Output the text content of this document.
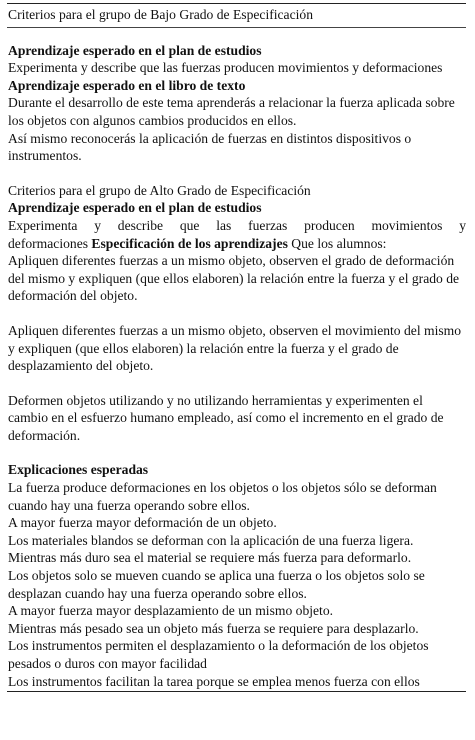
Criterios para el grupo de Bajo Grado de Especificación
Aprendizaje esperado en el plan de estudios
Experimenta y describe que las fuerzas producen movimientos y deformaciones
Aprendizaje esperado en el libro de texto
Durante el desarrollo de este tema aprenderás a relacionar la fuerza aplicada sobre los objetos con algunos cambios producidos en ellos.
Así mismo reconocerás la aplicación de fuerzas en distintos dispositivos o instrumentos.
Criterios para el grupo de Alto Grado de Especificación
Aprendizaje esperado en el plan de estudios
Experimenta y describe que las fuerzas producen movimientos y
deformaciones Especificación de los aprendizajes Que los alumnos:
Apliquen diferentes fuerzas a un mismo objeto, observen el grado de deformación del mismo y expliquen (que ellos elaboren) la relación entre la fuerza y el grado de deformación del objeto.
Apliquen diferentes fuerzas a un mismo objeto, observen el movimiento del mismo y expliquen (que ellos elaboren) la relación entre la fuerza y el grado de desplazamiento del objeto.
Deformen objetos utilizando y no utilizando herramientas y experimenten el cambio en el esfuerzo humano empleado, así como el incremento en el grado de deformación.
Explicaciones esperadas
La fuerza produce deformaciones en los objetos o los objetos sólo se deforman cuando hay una fuerza operando sobre ellos.
A mayor fuerza mayor deformación de un objeto.
Los materiales blandos se deforman con la aplicación de una fuerza ligera.
Mientras más duro sea el material se requiere más fuerza para deformarlo.
Los objetos solo se mueven cuando se aplica una fuerza o los objetos solo se desplazan cuando hay una fuerza operando sobre ellos.
A mayor fuerza mayor desplazamiento de un mismo objeto.
Mientras más pesado sea un objeto más fuerza se requiere para desplazarlo.
Los instrumentos permiten el desplazamiento o la deformación de los objetos pesados o duros con mayor facilidad
Los instrumentos facilitan la tarea porque se emplea menos fuerza con ellos
